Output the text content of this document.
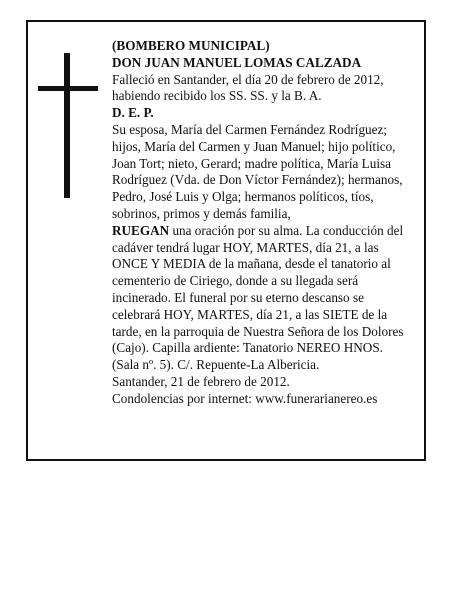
(BOMBERO MUNICIPAL)
DON JUAN MANUEL LOMAS CALZADA
Falleció en Santander, el día 20 de febrero de 2012,
habiendo recibido los SS. SS. y la B. A.
D. E. P.
Su esposa, María del Carmen Fernández Rodríguez;
hijos, María del Carmen y Juan Manuel; hijo político,
Joan Tort; nieto, Gerard; madre política, María Luisa
Rodríguez (Vda. de Don Víctor Fernández); hermanos,
Pedro, José Luis y Olga; hermanos políticos, tíos,
sobrinos, primos y demás familia,
RUEGAN una oración por su alma. La conducción del
cadáver tendrá lugar HOY, MARTES, día 21, a las
ONCE Y MEDIA de la mañana, desde el tanatorio al
cementerio de Ciriego, donde a su llegada será
incinerado. El funeral por su eterno descanso se
celebrará HOY, MARTES, día 21, a las SIETE de la
tarde, en la parroquia de Nuestra Señora de los Dolores
(Cajo). Capilla ardiente: Tanatorio NEREO HNOS.
(Sala nº. 5). C/. Repuente-La Albericia.
Santander, 21 de febrero de 2012.
Condolencias por internet: www.funerarianereo.es
